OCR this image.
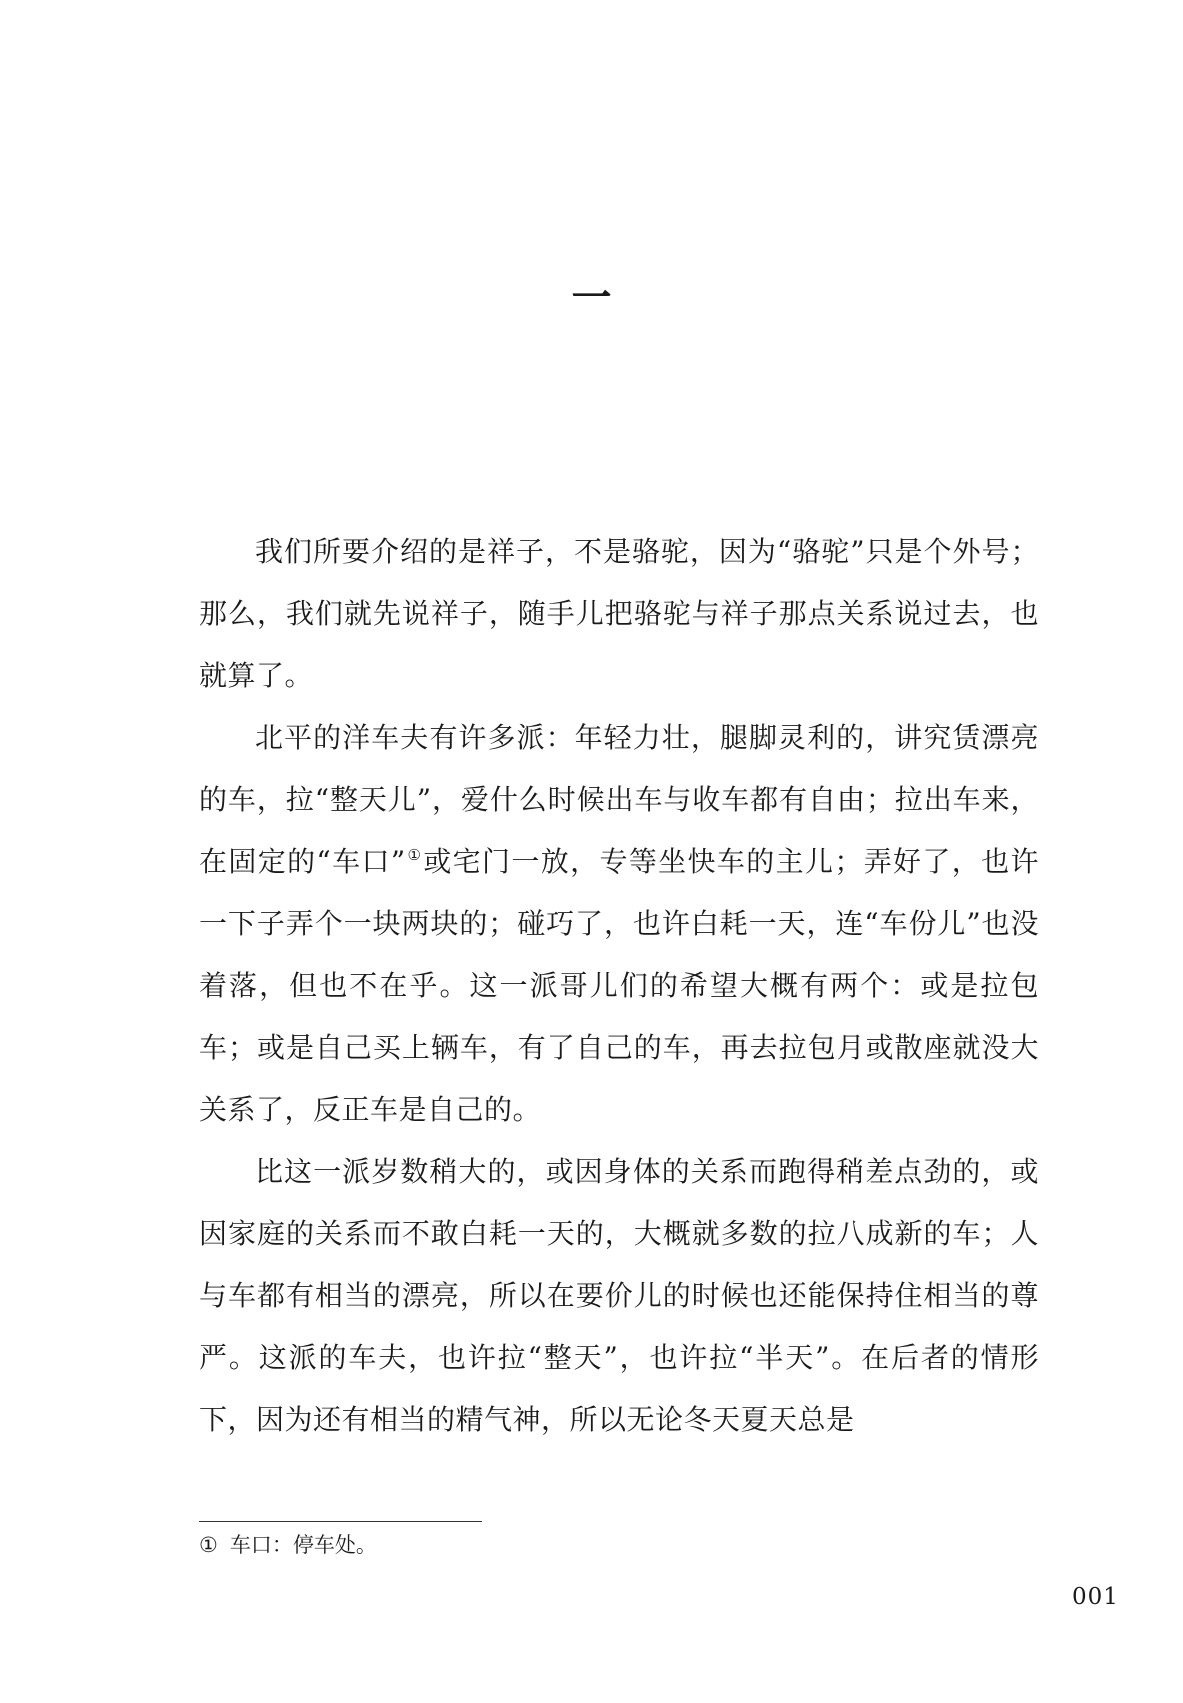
一

我们所要介绍的是祥子，不是骆驼，因为“骆驼”只是个外号；那么，我们就先说祥子，随手儿把骆驼与祥子那点关系说过去，也就算了。

北平的洋车夫有许多派：年轻力壮，腿脚灵利的，讲究赁漂亮的车，拉“整天儿”，爱什么时候出车与收车都有自由；拉出车来，在固定的“车口”①或宅门一放，专等坐快车的主儿；弄好了，也许一下子弄个一块两块的；碰巧了，也许白耗一天，连“车份儿”也没着落，但也不在乎。这一派哥儿们的希望大概有两个：或是拉包车；或是自己买上辆车，有了自己的车，再去拉包月或散座就没大关系了，反正车是自己的。

比这一派岁数稍大的，或因身体的关系而跑得稍差点劲的，或因家庭的关系而不敢白耗一天的，大概就多数的拉八成新的车；人与车都有相当的漂亮，所以在要价儿的时候也还能保持住相当的尊严。这派的车夫，也许拉“整天”，也许拉“半天”。在后者的情形下，因为还有相当的精气神，所以无论冬天夏天总是

① 车口：停车处。

001
